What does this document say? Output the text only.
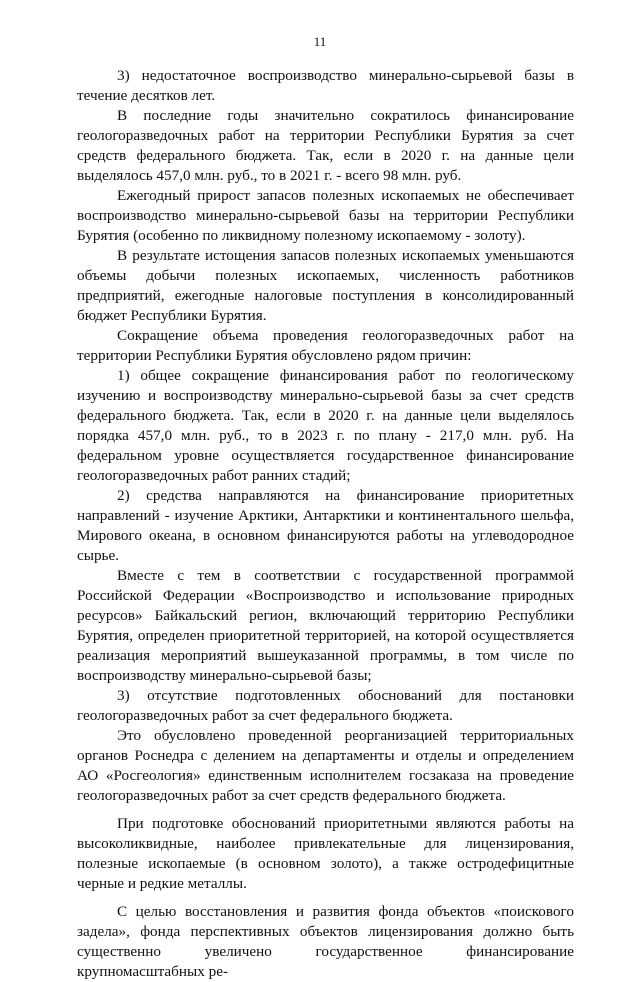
11

3) недостаточное воспроизводство минерально-сырьевой базы в течение десятков лет.

В последние годы значительно сократилось финансирование геологоразведочных работ на территории Республики Бурятия за счет средств федерального бюджета. Так, если в 2020 г. на данные цели выделялось 457,0 млн. руб., то в 2021 г. - всего 98 млн. руб.

Ежегодный прирост запасов полезных ископаемых не обеспечивает воспроизводство минерально-сырьевой базы на территории Республики Бурятия (особенно по ликвидному полезному ископаемому - золоту).

В результате истощения запасов полезных ископаемых уменьшаются объемы добычи полезных ископаемых, численность работников предприятий, ежегодные налоговые поступления в консолидированный бюджет Республики Бурятия.

Сокращение объема проведения геологоразведочных работ на территории Республики Бурятия обусловлено рядом причин:

1) общее сокращение финансирования работ по геологическому изучению и воспроизводству минерально-сырьевой базы за счет средств федерального бюджета. Так, если в 2020 г. на данные цели выделялось порядка 457,0 млн. руб., то в 2023 г. по плану - 217,0 млн. руб. На федеральном уровне осуществляется государственное финансирование геологоразведочных работ ранних стадий;

2) средства направляются на финансирование приоритетных направлений - изучение Арктики, Антарктики и континентального шельфа, Мирового океана, в основном финансируются работы на углеводородное сырье.

Вместе с тем в соответствии с государственной программой Российской Федерации «Воспроизводство и использование природных ресурсов» Байкальский регион, включающий территорию Республики Бурятия, определен приоритетной территорией, на которой осуществляется реализация мероприятий вышеуказанной программы, в том числе по воспроизводству минерально-сырьевой базы;

3) отсутствие подготовленных обоснований для постановки геологоразведочных работ за счет федерального бюджета.

Это обусловлено проведенной реорганизацией территориальных органов Роснедра с делением на департаменты и отделы и определением АО «Росгеология» единственным исполнителем госзаказа на проведение геологоразведочных работ за счет средств федерального бюджета.

При подготовке обоснований приоритетными являются работы на высоколиквидные, наиболее привлекательные для лицензирования, полезные ископаемые (в основном золото), а также остродефицитные черные и редкие металлы.

С целью восстановления и развития фонда объектов «поискового задела», фонда перспективных объектов лицензирования должно быть существенно увеличено государственное финансирование крупномасштабных ре-
